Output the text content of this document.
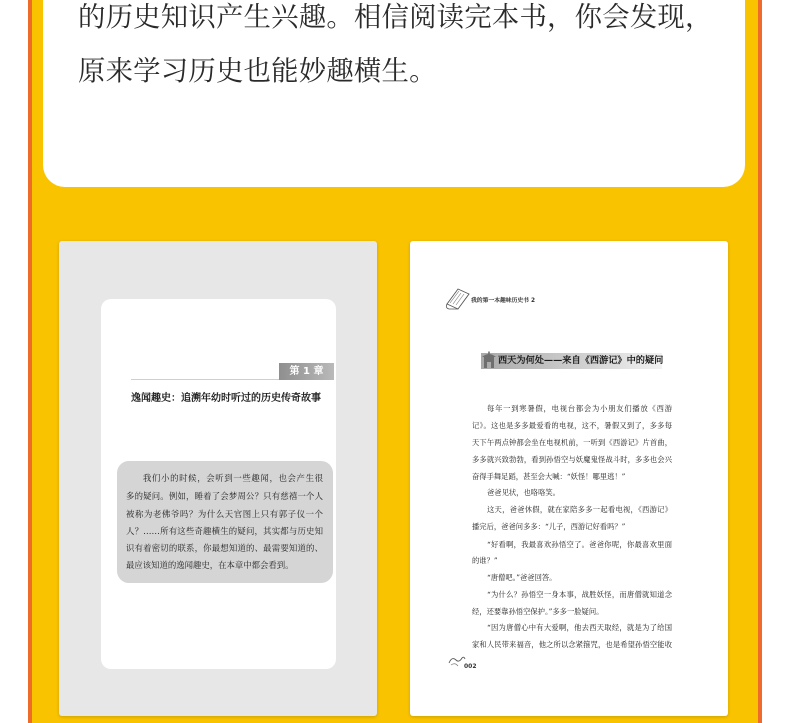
的历史知识产生兴趣。相信阅读完本书，你会发现，
原来学习历史也能妙趣横生。
第 1 章
逸闻趣史：追溯年幼时听过的历史传奇故事
我们小的时候，会听到一些趣闻，也会产生很
多的疑问。例如，睡着了会梦周公？只有慈禧一个人
被称为老佛爷吗？为什么天官图上只有郭子仪一个
人？……所有这些奇趣横生的疑问，其实都与历史知
识有着密切的联系，你最想知道的、最需要知道的、
最应该知道的逸闻趣史，在本章中都会看到。
我的第一本趣味历史书 2
西天为何处——来自《西游记》中的疑问
每年一到寒暑假，电视台都会为小朋友们播放《西游
记》。这也是多多最爱看的电视，这不，暑假又到了，多多每
天下午两点钟都会坐在电视机前，一听到《西游记》片首曲，
多多就兴致勃勃，看到孙悟空与妖魔鬼怪战斗时，多多也会兴
奋得手舞足蹈，甚至会大喊：“妖怪！哪里逃！”
爸爸见状，也咯咯笑。
这天，爸爸休假，就在家陪多多一起看电视，《西游记》
播完后，爸爸问多多：“儿子，西游记好看吗？”
“好看啊，我最喜欢孙悟空了。爸爸你呢，你最喜欢里面
的谁？”
“唐僧吧。”爸爸回答。
“为什么？孙悟空一身本事，战胜妖怪，而唐僧就知道念
经，还要靠孙悟空保护。”多多一脸疑问。
“因为唐僧心中有大爱啊，他去西天取经，就是为了给国
家和人民带来福音，他之所以念紧箍咒，也是希望孙悟空能收
002
